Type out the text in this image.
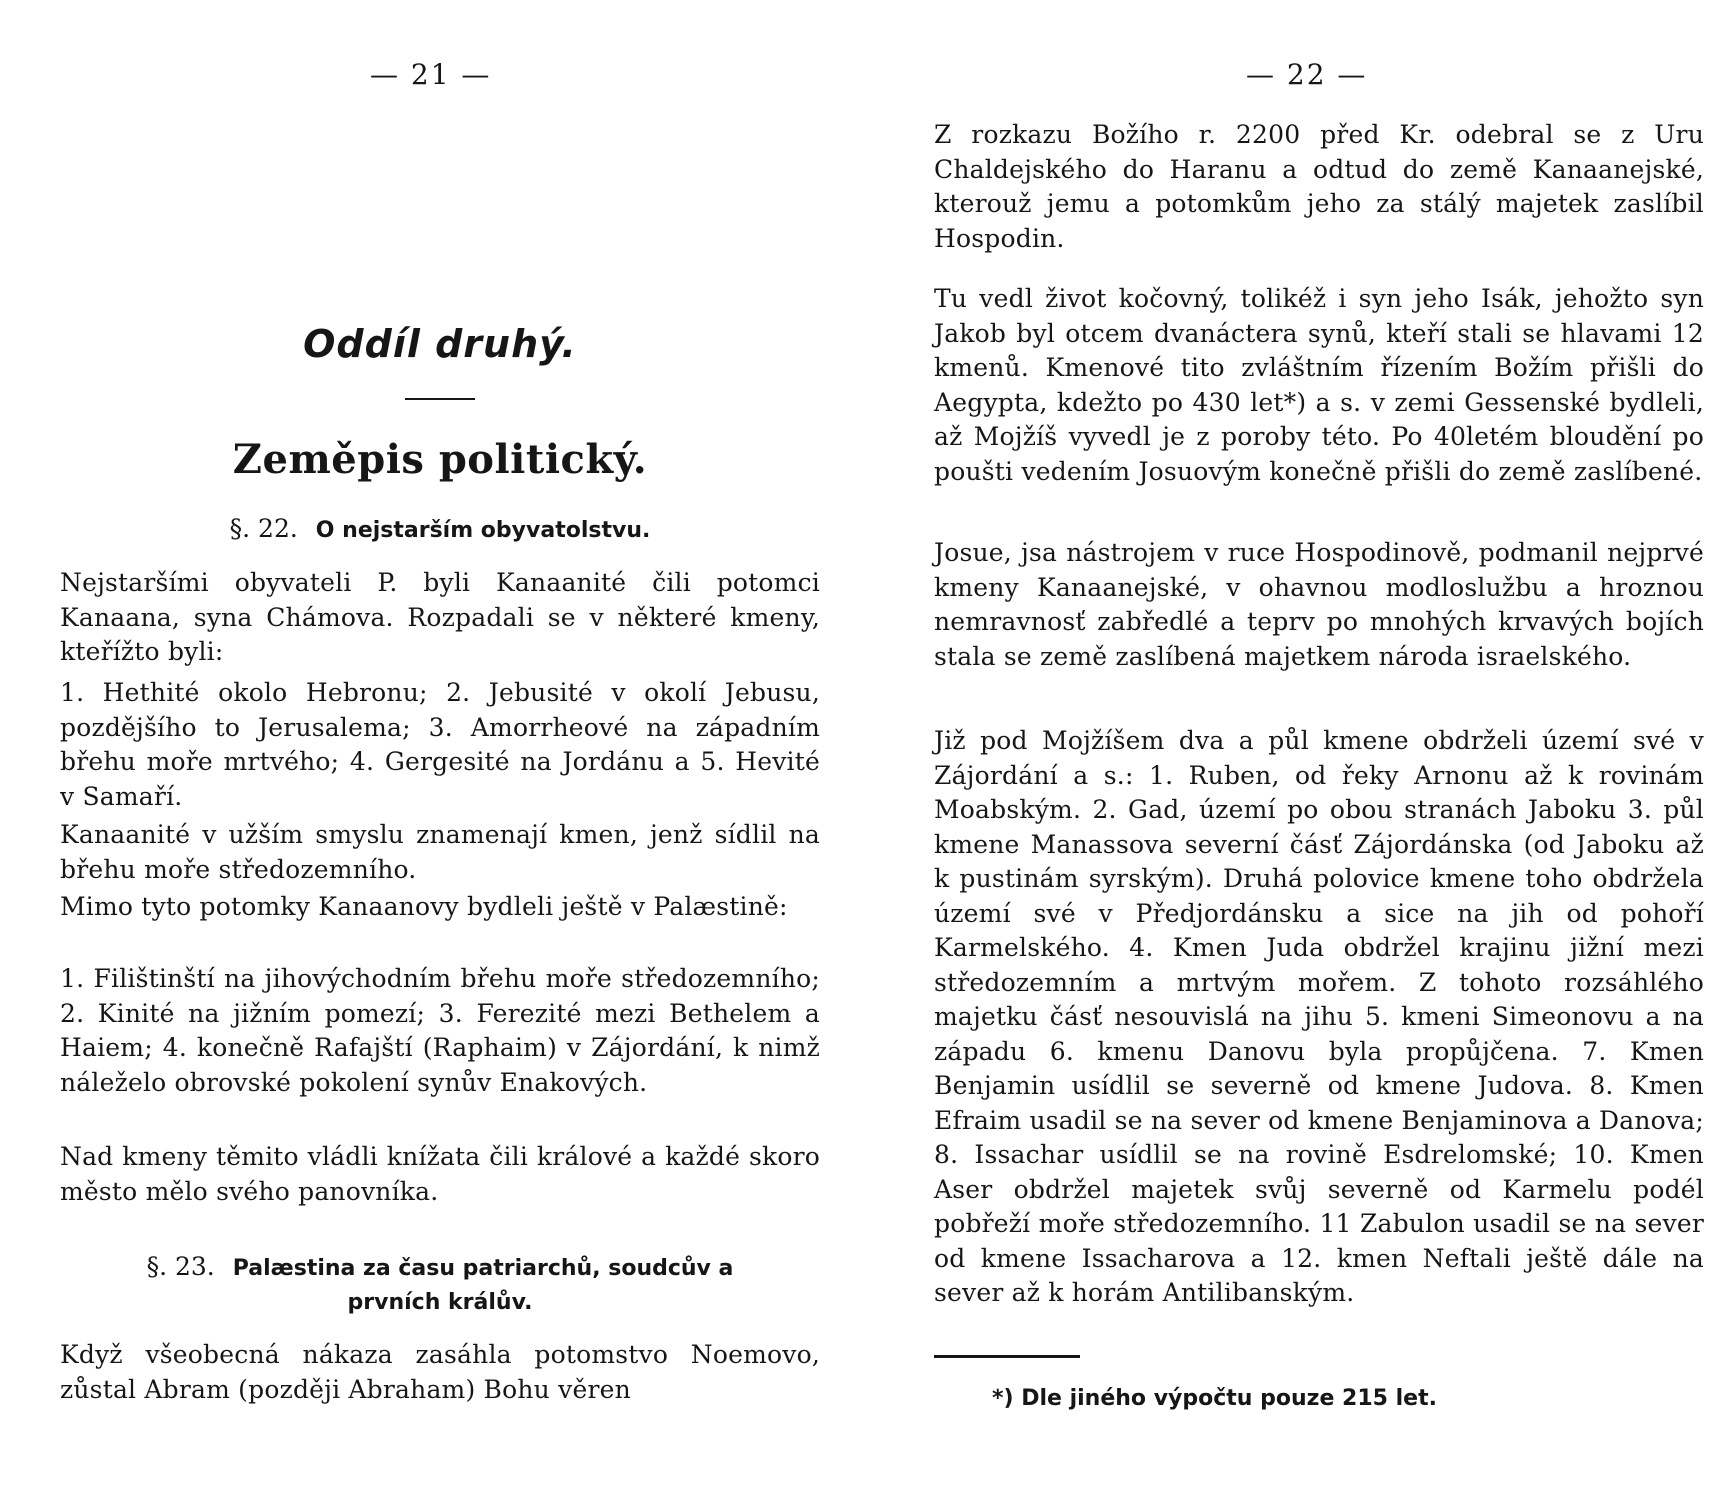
— 21 —
Oddíl druhý.
Zeměpis politický.
§. 22. O nejstarším obyvatolstvu.

Nejstaršími obyvateli P. byli Kanaanité čili potomci Kanaana, syna Chámova. Rozpadali se v některé kmeny, kteřížto byli:

1. Hethité okolo Hebronu; 2. Jebusité v okolí Jebusu, pozdějšího to Jerusalema; 3. Amorrheové na západním břehu moře mrtvého; 4. Gergesité na Jordánu a 5. Hevité v Samaří.

Kanaanité v užším smyslu znamenají kmen, jenž sídlil na břehu moře středozemního.

Mimo tyto potomky Kanaanovy bydleli ještě v Palæstině:

1. Filištinští na jihovýchodním břehu moře středozemního; 2. Kinité na jižním pomezí; 3. Ferezité mezi Bethelem a Haiem; 4. konečně Rafajští (Raphaim) v Zájordání, k nimž náleželo obrovské pokolení synův Enakových.

Nad kmeny těmito vládli knížata čili králové a každé skoro město mělo svého panovníka.

§. 23. Palæstina za času patriarchů, soudcův a
prvních králův.

Když všeobecná nákaza zasáhla potomstvo Noemovo, zůstal Abram (později Abraham) Bohu věren

— 22 —

Z rozkazu Božího r. 2200 před Kr. odebral se z Uru Chaldejského do Haranu a odtud do země Kanaanejské, kterouž jemu a potomkům jeho za stálý majetek zaslíbil Hospodin.

Tu vedl život kočovný, tolikéž i syn jeho Isák, jehožto syn Jakob byl otcem dvanáctera synů, kteří stali se hlavami 12 kmenů. Kmenové tito zvláštním řízením Božím přišli do Aegypta, kdežto po 430 let*) a s. v zemi Gessenské bydleli, až Mojžíš vyvedl je z poroby této. Po 40letém bloudění po poušti vedením Josuovým konečně přišli do země zaslíbené.

Josue, jsa nástrojem v ruce Hospodinově, podmanil nejprvé kmeny Kanaanejské, v ohavnou modloslužbu a hroznou nemravnosť zabředlé a teprv po mnohých krvavých bojích stala se země zaslíbená majetkem národa israelského.

Již pod Mojžíšem dva a půl kmene obdrželi území své v Zájordání a s.: 1. Ruben, od řeky Arnonu až k rovinám Moabským. 2. Gad, území po obou stranách Jaboku 3. půl kmene Manassova severní čásť Zájordánska (od Jaboku až k pustinám syrským). Druhá polovice kmene toho obdržela území své v Předjordánsku a sice na jih od pohoří Karmelského. 4. Kmen Juda obdržel krajinu jižní mezi středozemním a mrtvým mořem. Z tohoto rozsáhlého majetku čásť nesouvislá na jihu 5. kmeni Simeonovu a na západu 6. kmenu Danovu byla propůjčena. 7. Kmen Benjamin usídlil se severně od kmene Judova. 8. Kmen Efraim usadil se na sever od kmene Benjaminova a Danova; 8. Issachar usídlil se na rovině Esdrelomské; 10. Kmen Aser obdržel majetek svůj severně od Karmelu podél pobřeží moře středozemního. 11 Zabulon usadil se na sever od kmene Issacharova a 12. kmen Neftali ještě dále na sever až k horám Antilibanským.

*) Dle jiného výpočtu pouze 215 let.
